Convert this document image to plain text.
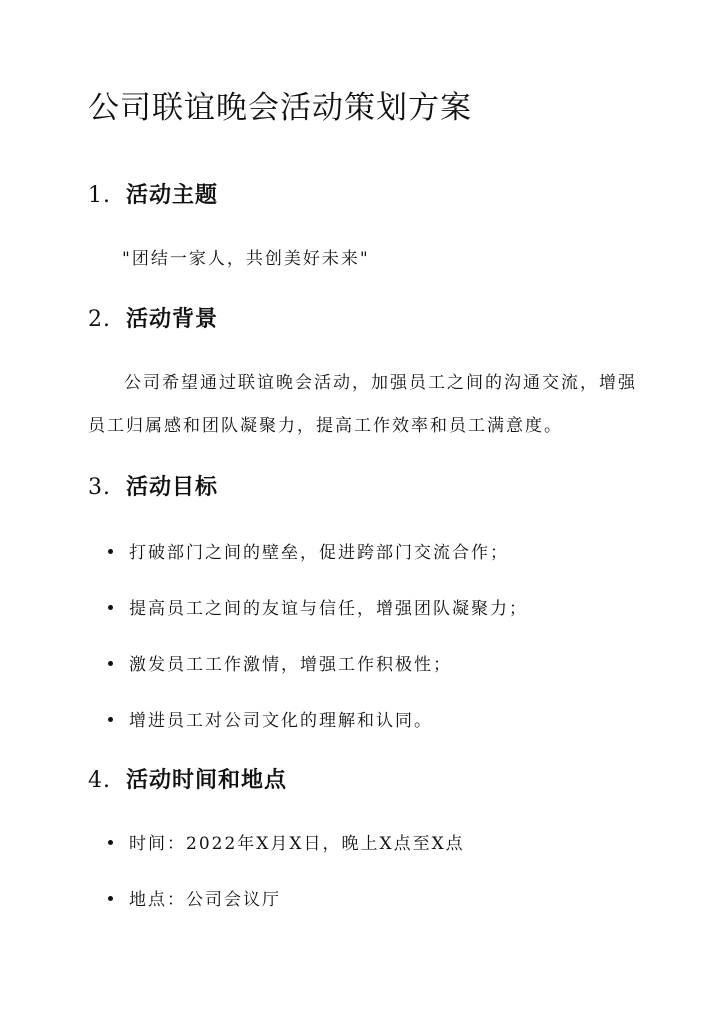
公司联谊晚会活动策划方案
1. 活动主题
"团结一家人，共创美好未来"
2. 活动背景
公司希望通过联谊晚会活动，加强员工之间的沟通交流，增强
员工归属感和团队凝聚力，提高工作效率和员工满意度。
3. 活动目标
打破部门之间的壁垒，促进跨部门交流合作；
提高员工之间的友谊与信任，增强团队凝聚力；
激发员工工作激情，增强工作积极性；
增进员工对公司文化的理解和认同。
4. 活动时间和地点
时间：2022年X月X日，晚上X点至X点
地点：公司会议厅
